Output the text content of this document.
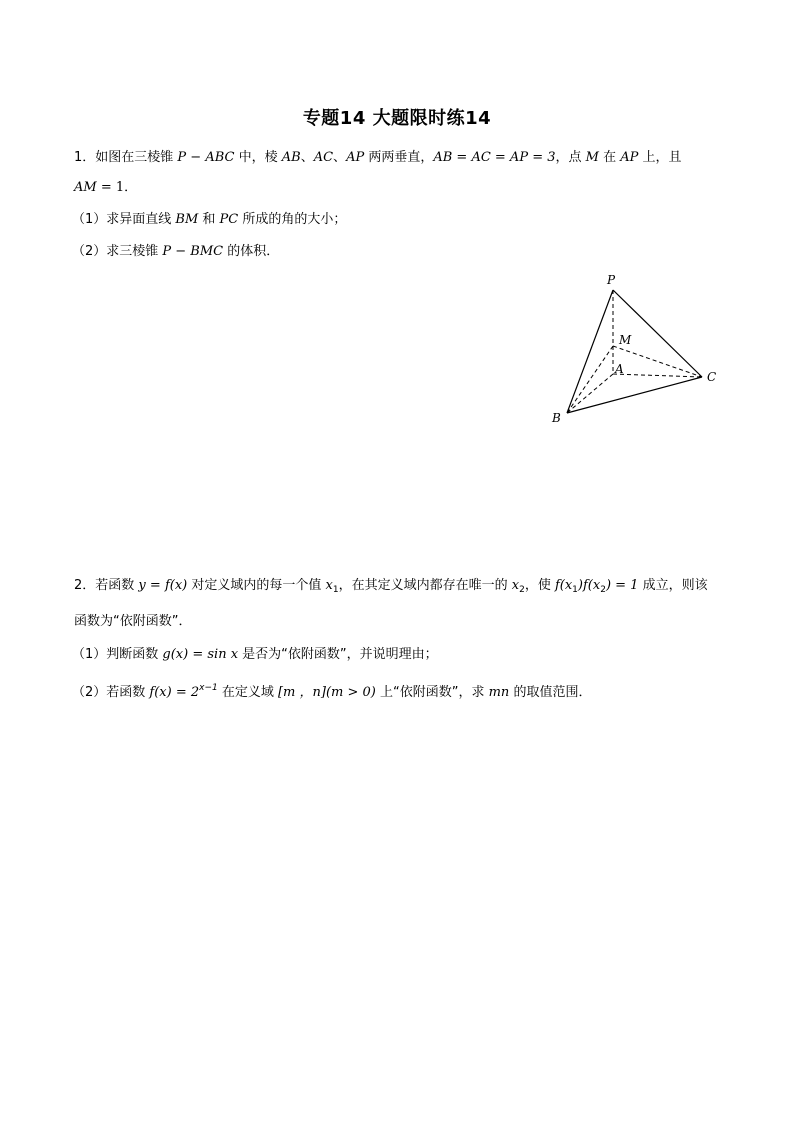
专题14 大题限时练14
1．如图在三棱锥 P − ABC 中，棱 AB、AC、AP 两两垂直，AB = AC = AP = 3，点 M 在 AP 上，且
AM = 1．
（1）求异面直线 BM 和 PC 所成的角的大小；
（2）求三棱锥 P − BMC 的体积．
P
M
A
C
B
2．若函数 y = f(x) 对定义域内的每一个值 $x_1$，在其定义域内都存在唯一的 $x_2$，使 $f(x_1)f(x_2) = 1$ 成立，则该
函数为“依附函数”．
（1）判断函数 g(x) = sin x 是否为“依附函数”，并说明理由；
（2）若函数 $f(x) = 2^{x-1}$ 在定义域 [m ，n](m > 0) 上“依附函数”，求 mn 的取值范围．
